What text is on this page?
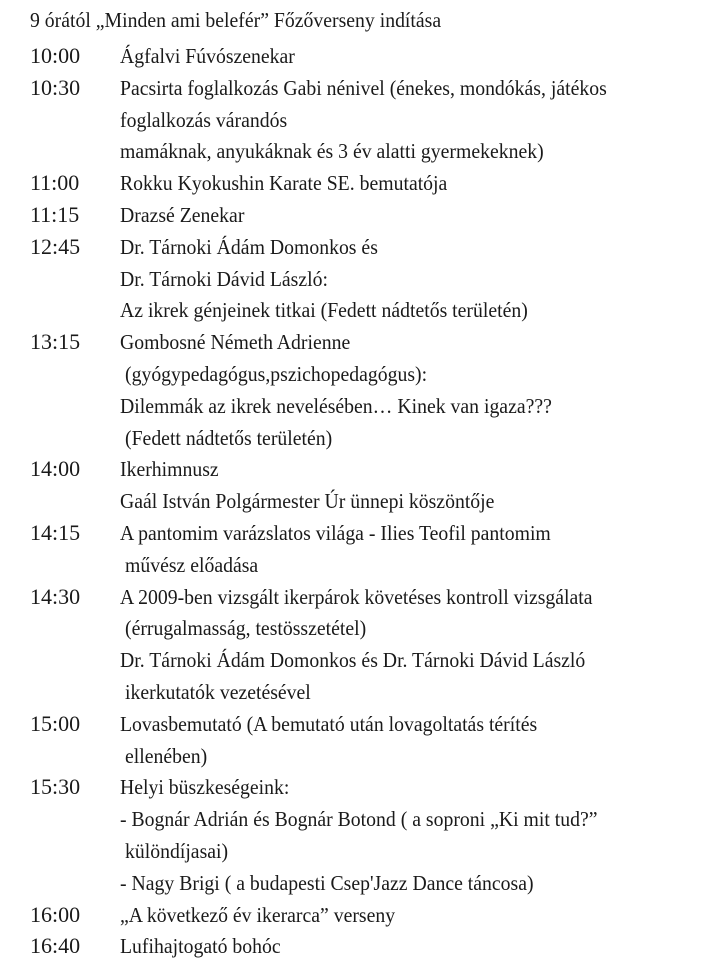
9 órától „Minden ami belefér” Főzőverseny indítása
10:00 Ágfalvi Fúvószenekar
10:30 Pacsirta foglalkozás Gabi nénivel (énekes, mondókás, játékos
foglalkozás várandós
mamáknak, anyukáknak és 3 év alatti gyermekeknek)
11:00 Rokku Kyokushin Karate SE. bemutatója
11:15 Drazsé Zenekar
12:45 Dr. Tárnoki Ádám Domonkos és
Dr. Tárnoki Dávid László:
Az ikrek génjeinek titkai (Fedett nádtetős területén)
13:15 Gombosné Németh Adrienne
(gyógypedagógus,pszichopedagógus):
Dilemmák az ikrek nevelésében… Kinek van igaza???
(Fedett nádtetős területén)
14:00 Ikerhimnusz
Gaál István Polgármester Úr ünnepi köszöntője
14:15 A pantomim varázslatos világa - Ilies Teofil pantomim
művész előadása
14:30 A 2009-ben vizsgált ikerpárok követéses kontroll vizsgálata
(érrugalmasság, testösszetétel)
Dr. Tárnoki Ádám Domonkos és Dr. Tárnoki Dávid László
ikerkutatók vezetésével
15:00 Lovasbemutató (A bemutató után lovagoltatás térítés
ellenében)
15:30 Helyi büszkeségeink:
- Bognár Adrián és Bognár Botond ( a soproni „Ki mit tud?”
különdíjasai)
- Nagy Brigi ( a budapesti Csep'Jazz Dance táncosa)
16:00 „A következő év ikerarca” verseny
16:40 Lufihajtogató bohóc
